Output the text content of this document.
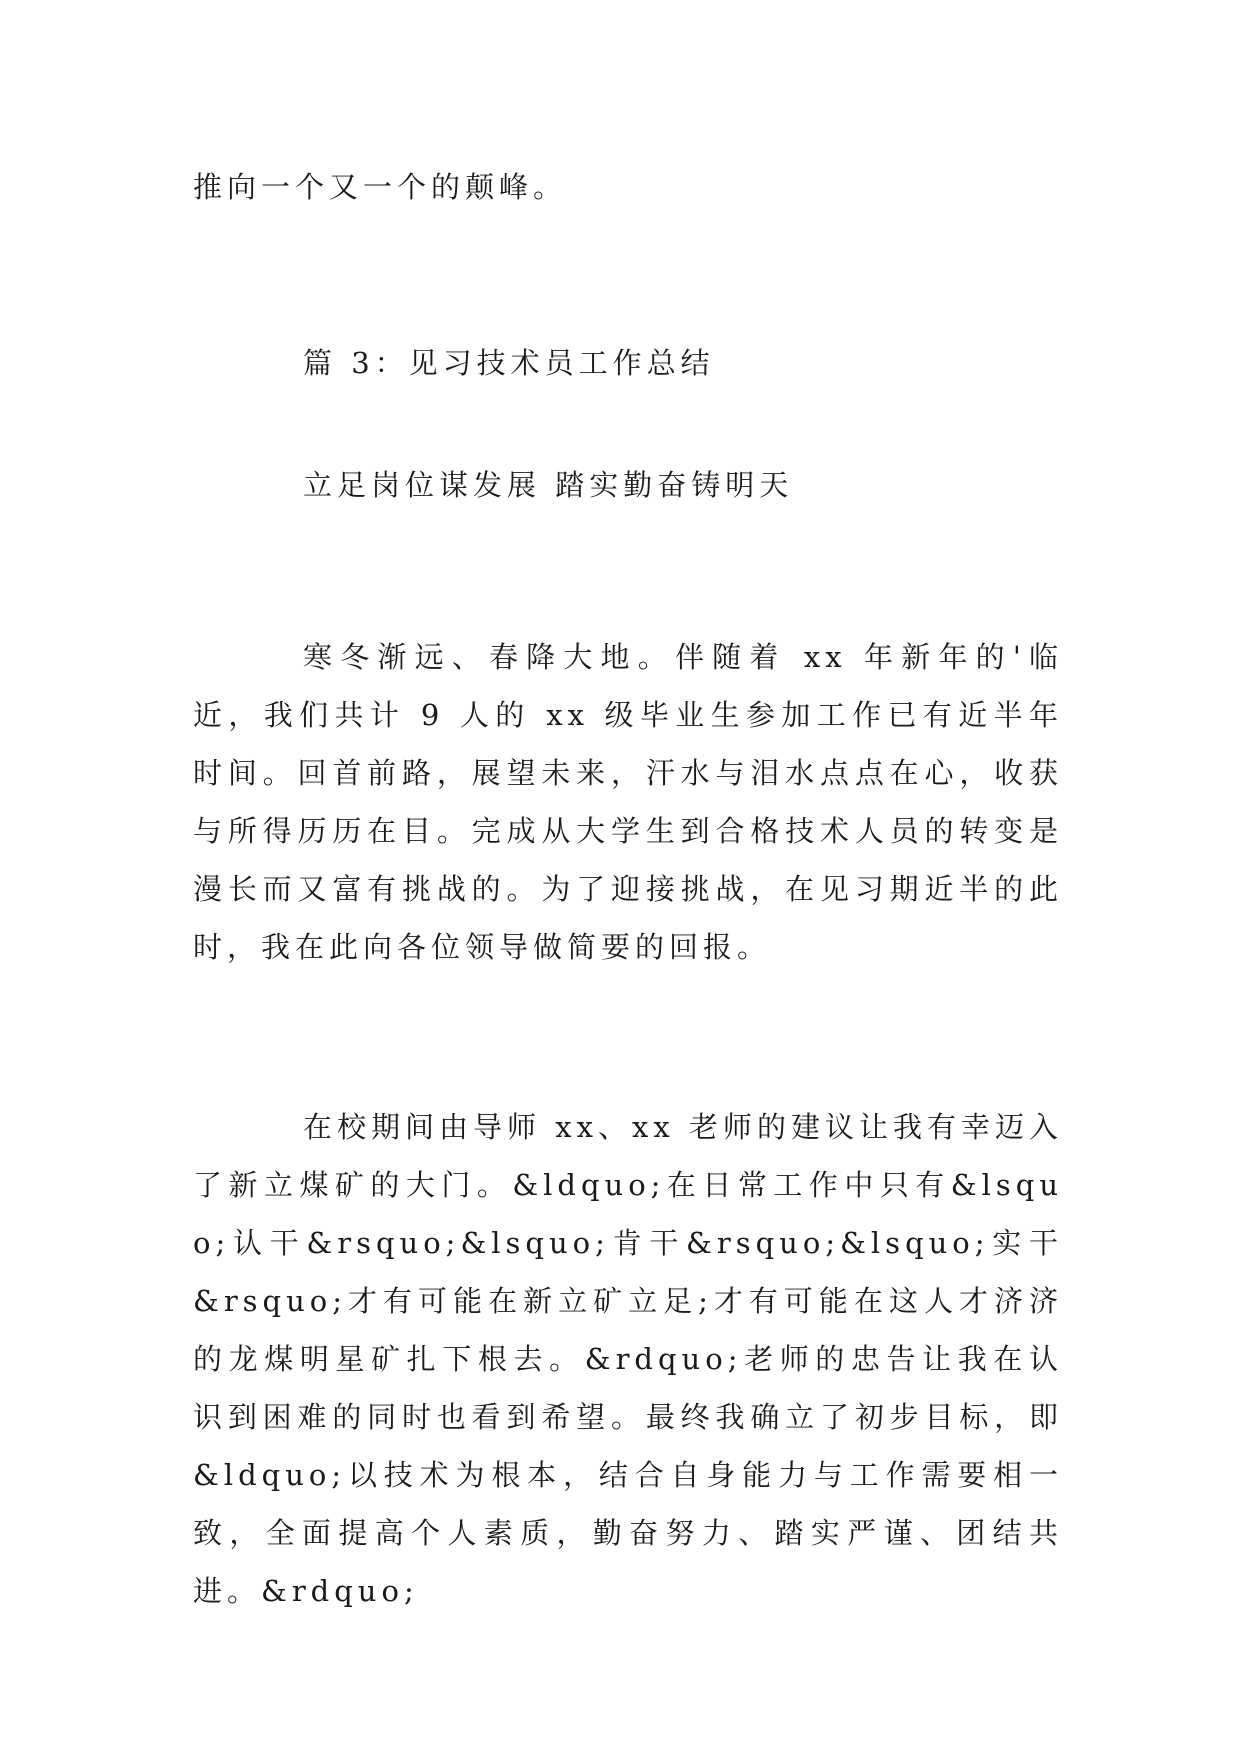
推向一个又一个的颠峰。

篇 3：见习技术员工作总结

立足岗位谋发展 踏实勤奋铸明天

寒冬渐远、春降大地。伴随着 xx 年新年的'临近，我们共计 9 人的 xx 级毕业生参加工作已有近半年时间。回首前路，展望未来，汗水与泪水点点在心，收获与所得历历在目。完成从大学生到合格技术人员的转变是漫长而又富有挑战的。为了迎接挑战，在见习期近半的此时，我在此向各位领导做简要的回报。

在校期间由导师 xx、xx 老师的建议让我有幸迈入了新立煤矿的大门。&ldquo;在日常工作中只有&lsquo;认干&rsquo;&lsquo;肯干&rsquo;&lsquo;实干&rsquo;才有可能在新立矿立足;才有可能在这人才济济的龙煤明星矿扎下根去。&rdquo;老师的忠告让我在认识到困难的同时也看到希望。最终我确立了初步目标，即&ldquo;以技术为根本，结合自身能力与工作需要相一致，全面提高个人素质，勤奋努力、踏实严谨、团结共进。&rdquo;
